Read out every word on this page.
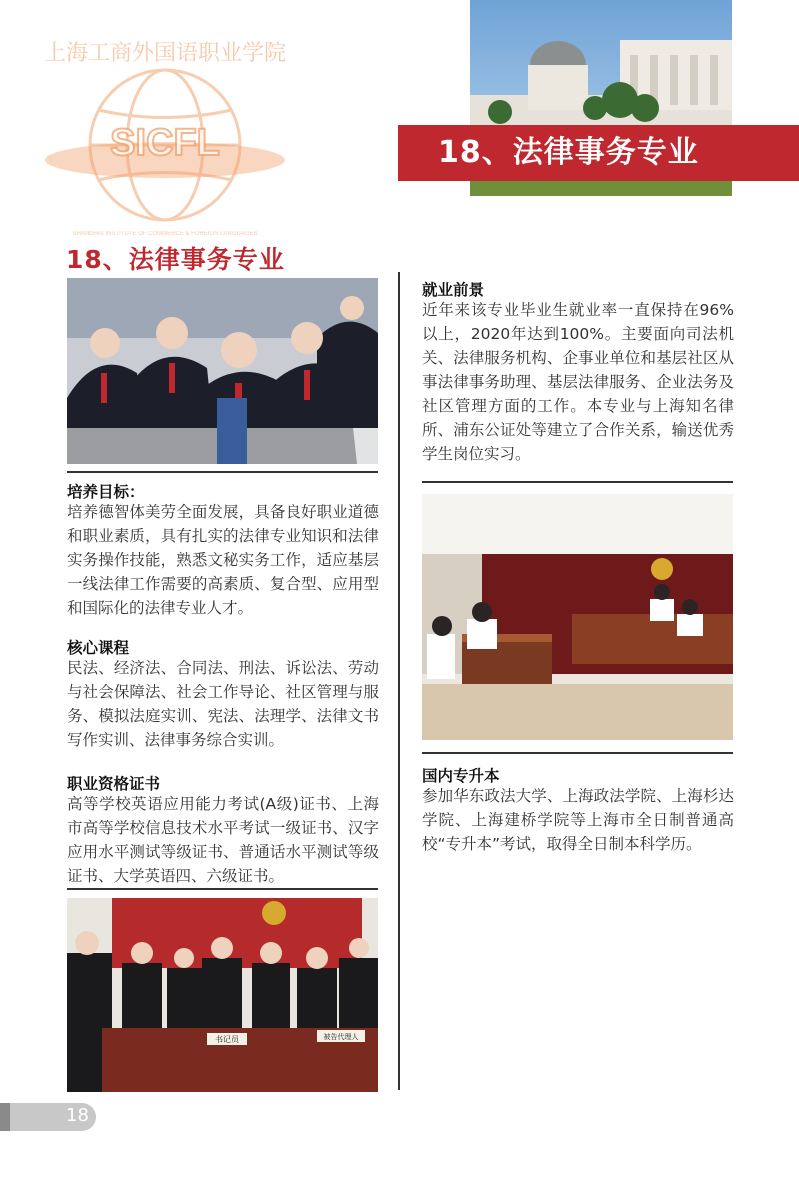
SICFL
上海工商外国语职业学院
SHANGHAI INSTITUTE OF COMMERCE & FOREIGN LANGUAGES
18、法律事务专业
18、法律事务专业
培养目标：
培养德智体美劳全面发展，具备良好职业道德和职业素质，具有扎实的法律专业知识和法律实务操作技能，熟悉文秘实务工作，适应基层一线法律工作需要的高素质、复合型、应用型和国际化的法律专业人才。
核心课程
民法、经济法、合同法、刑法、诉讼法、劳动与社会保障法、社会工作导论、社区管理与服务、模拟法庭实训、宪法、法理学、法律文书写作实训、法律事务综合实训。
职业资格证书
高等学校英语应用能力考试(A级)证书、上海市高等学校信息技术水平考试一级证书、汉字应用水平测试等级证书、普通话水平测试等级证书、大学英语四、六级证书。
书记员	被告代理人
就业前景
近年来该专业毕业生就业率一直保持在96%以上，2020年达到100%。主要面向司法机关、法律服务机构、企事业单位和基层社区从事法律事务助理、基层法律服务、企业法务及社区管理方面的工作。本专业与上海知名律所、浦东公证处等建立了合作关系，输送优秀学生岗位实习。
国内专升本
参加华东政法大学、上海政法学院、上海杉达学院、上海建桥学院等上海市全日制普通高校“专升本”考试，取得全日制本科学历。
18
